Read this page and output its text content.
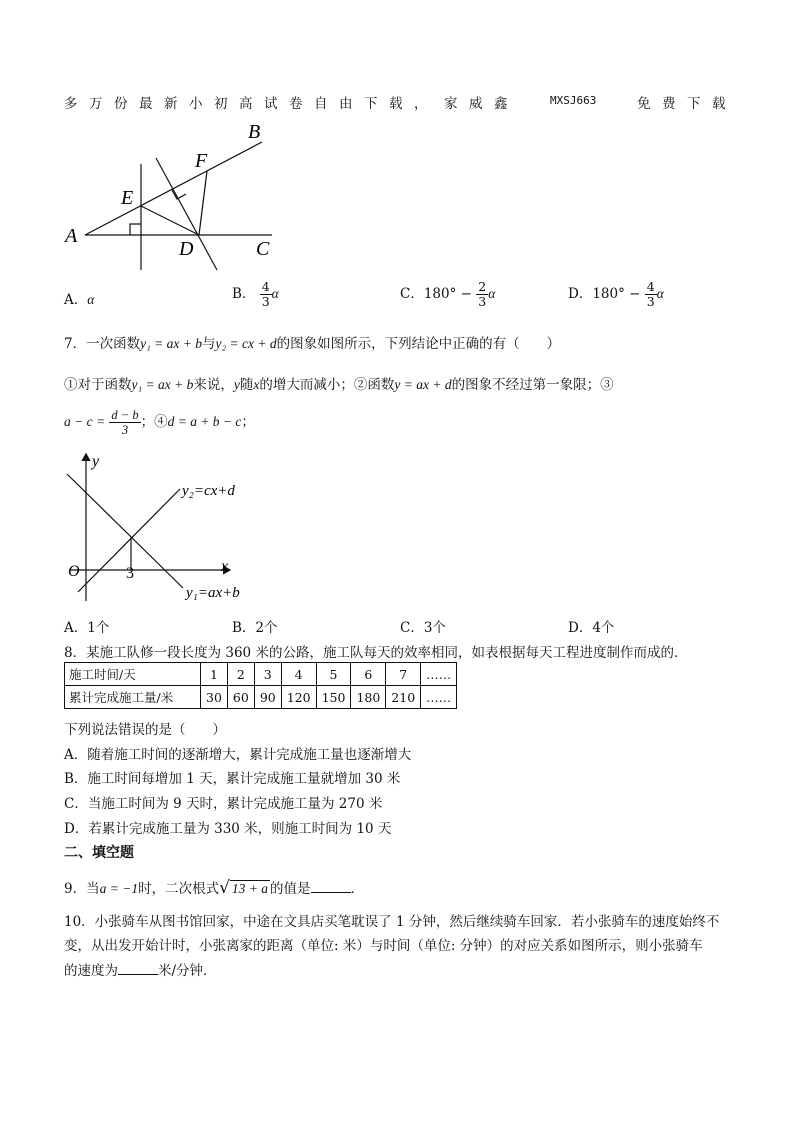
多 万 份 最 新 小 初 高 试 卷 自 由 下 载 ， 家 威 鑫	MXSJ663	免 费 下 载
A
B
C
D
E
F
A．α	B． $\frac{4}{3}$ α	C．$180^\circ - \frac{2}{3}$ α	D．$180^\circ - \frac{4}{3}$ α
7．一次函数y₁ = ax + b与y₂ = cx + d的图象如图所示，下列结论中正确的有（　　）
①对于函数y₁ = ax + b来说，y随x的增大而减小；②函数y = ax + d的图象不经过第一象限；③
$a - c = \frac{d - b}{3}$ ；④d = a + b − c；
y
x
O	3
y₂=cx+d
y₁=ax+b
A．1个	B．2个	C．3个	D．4个
8．某施工队修一段长度为 360 米的公路，施工队每天的效率相同，如表根据每天工程进度制作而成的．
施工时间/天	1	2	3	4	5	6	7	……
累计完成施工量/米	30	60	90	120	150	180	210	……
下列说法错误的是（　　）
A．随着施工时间的逐渐增大，累计完成施工量也逐渐增大
B．施工时间每增加 1 天，累计完成施工量就增加 30 米
C．当施工时间为 9 天时，累计完成施工量为 270 米
D．若累计完成施工量为 330 米，则施工时间为 10 天
二、填空题
9．当a = −1时，二次根式√ 13 + a 的值是	．
10．小张骑车从图书馆回家，中途在文具店买笔耽误了 1 分钟，然后继续骑车回家．若小张骑车的速度始终不
变，从出发开始计时，小张离家的距离（单位: 米）与时间（单位: 分钟）的对应关系如图所示，则小张骑车
的速度为	米/分钟．
